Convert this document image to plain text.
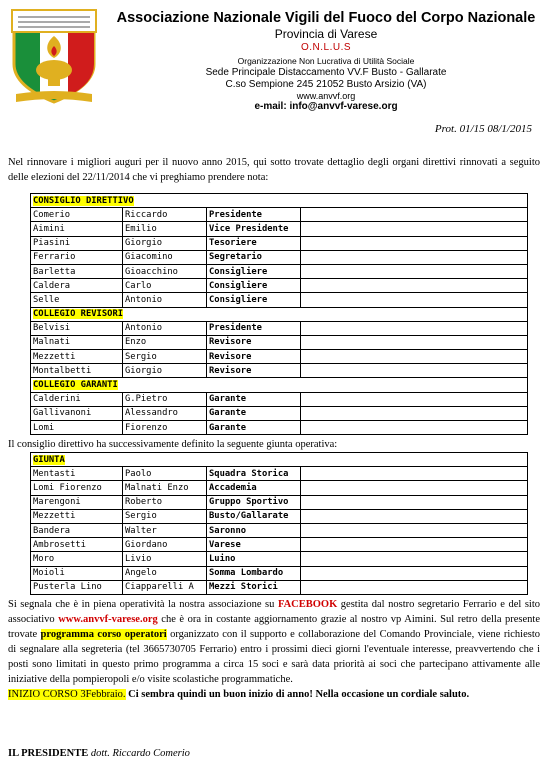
Associazione Nazionale Vigili del Fuoco del Corpo Nazionale
Provincia di Varese
O.N.L.U.S
Organizzazione Non Lucrativa di Utilità Sociale
Sede Principale Distaccamento VV.F Busto - Gallarate
C.so Sempione 245 21052 Busto Arsizio (VA)
www.anvvf.org
e-mail: info@anvvf-varese.org
Prot. 01/15 08/1/2015
Nel rinnovare i migliori auguri per il nuovo anno 2015, qui sotto trovate dettaglio degli organi direttivi rinnovati a seguito delle elezioni del 22/11/2014 che vi preghiamo prendere nota:
CONSIGLIO DIRETTIVO			
Comerio	Riccardo	Presidente	
Aimini	Emilio	Vice Presidente	
Piasini	Giorgio	Tesoriere	
Ferrario	Giacomino	Segretario	
Barletta	Gioacchino	Consigliere	
Caldera	Carlo	Consigliere	
Selle	Antonio	Consigliere	
COLLEGIO REVISORI			
Belvisi	Antonio	Presidente	
Malnati	Enzo	Revisore	
Mezzetti	Sergio	Revisore	
Montalbetti	Giorgio	Revisore	
COLLEGIO GARANTI			
Calderini	G.Pietro	Garante	
Gallivanoni	Alessandro	Garante	
Lomi	Fiorenzo	Garante	
Il consiglio direttivo ha successivamente definito la seguente giunta operativa:
GIUNTA			
Mentasti	Paolo	Squadra Storica	
Lomi Fiorenzo	Malnati Enzo	Accademia	
Marengoni	Roberto	Gruppo Sportivo	
Mezzetti	Sergio	Busto/Gallarate	
Bandera	Walter	Saronno	
Ambrosetti	Giordano	Varese	
Moro	Livio	Luino	
Moioli	Angelo	Somma Lombardo	
Pusterla Lino	Ciapparelli A	Mezzi Storici	
Si segnala che è in piena operatività la nostra associazione su FACEBOOK gestita dal nostro segretario Ferrario e del sito associativo www.anvvf-varese.org che è ora in costante aggiornamento grazie al nostro vp Aimini. Sul retro della presente trovate programma corso operatori organizzato con il supporto e collaborazione del Comando Provinciale, viene richiesto di segnalare alla segreteria (tel 3665730705 Ferrario) entro i prossimi dieci giorni l'eventuale interesse, preavvertendo che i posti sono limitati in questo primo programma a circa 15 soci e sarà data priorità ai soci che partecipano attivamente alle iniziative della pompieropoli e/o visite scolastiche programmatiche.
INIZIO CORSO 3Febbraio. Ci sembra quindi un buon inizio di anno! Nella occasione un cordiale saluto.
IL PRESIDENTE dott. Riccardo Comerio
